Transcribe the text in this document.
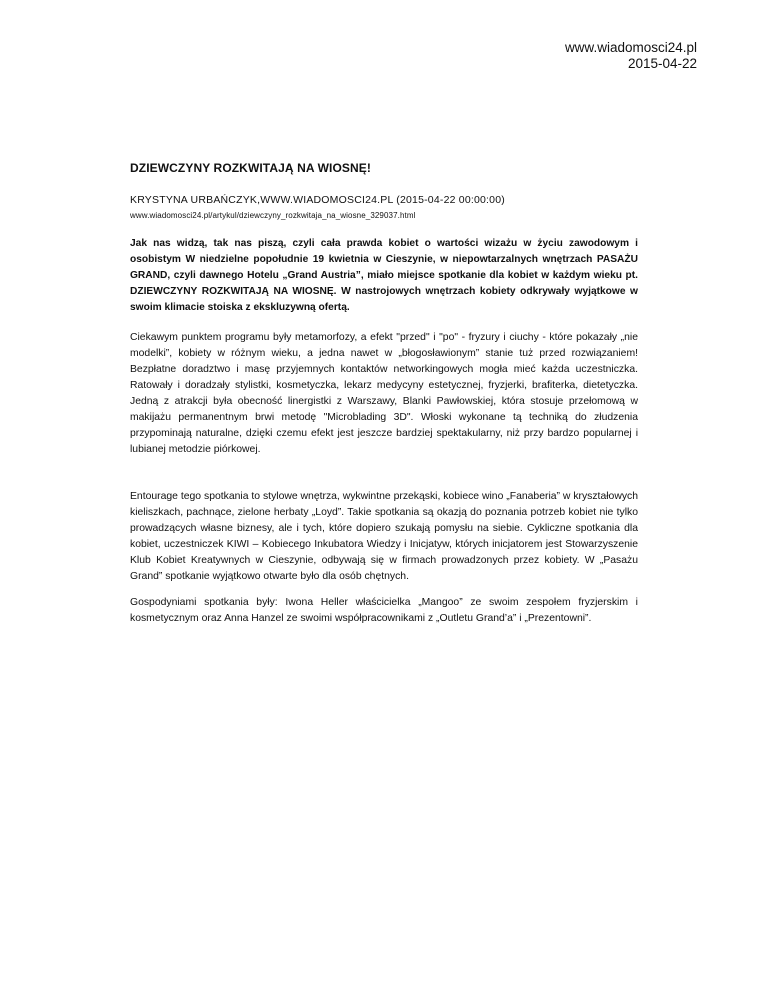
www.wiadomosci24.pl
2015-04-22
DZIEWCZYNY ROZKWITAJĄ NA WIOSNĘ!
KRYSTYNA URBAŃCZYK,WWW.WIADOMOSCI24.PL (2015-04-22 00:00:00)
www.wiadomosci24.pl/artykul/dziewczyny_rozkwitaja_na_wiosne_329037.html

Jak nas widzą, tak nas piszą, czyli cała prawda kobiet o wartości wizażu w życiu zawodowym i osobistym W niedzielne popołudnie 19 kwietnia w Cieszynie, w niepowtarzalnych wnętrzach PASAŻU GRAND, czyli dawnego Hotelu „Grand Austria”, miało miejsce spotkanie dla kobiet w każdym wieku pt. DZIEWCZYNY ROZKWITAJĄ NA WIOSNĘ. W nastrojowych wnętrzach kobiety odkrywały wyjątkowe w swoim klimacie stoiska z ekskluzywną ofertą.

Ciekawym punktem programu były metamorfozy, a efekt "przed" i "po" - fryzury i ciuchy - które pokazały „nie modelki”, kobiety w różnym wieku, a jedna nawet w „błogosławionym” stanie tuż przed rozwiązaniem! Bezpłatne doradztwo i masę przyjemnych kontaktów networkingowych mogła mieć każda uczestniczka. Ratowały i doradzały stylistki, kosmetyczka, lekarz medycyny estetycznej, fryzjerki, brafiterka, dietetyczka. Jedną z atrakcji była obecność linergistki z Warszawy, Blanki Pawłowskiej, która stosuje przełomową w makijażu permanentnym brwi metodę "Microblading 3D". Włoski wykonane tą techniką do złudzenia przypominają naturalne, dzięki czemu efekt jest jeszcze bardziej spektakularny, niż przy bardzo popularnej i lubianej metodzie piórkowej.

Entourage tego spotkania to stylowe wnętrza, wykwintne przekąski, kobiece wino „Fanaberia” w kryształowych kieliszkach, pachnące, zielone herbaty „Loyd”. Takie spotkania są okazją do poznania potrzeb kobiet nie tylko prowadzących własne biznesy, ale i tych, które dopiero szukają pomysłu na siebie. Cykliczne spotkania dla kobiet, uczestniczek KIWI – Kobiecego Inkubatora Wiedzy i Inicjatyw, których inicjatorem jest Stowarzyszenie Klub Kobiet Kreatywnych w Cieszynie, odbywają się w firmach prowadzonych przez kobiety. W „Pasażu Grand” spotkanie wyjątkowo otwarte było dla osób chętnych.

Gospodyniami spotkania były: Iwona Heller właścicielka „Mangoo” ze swoim zespołem fryzjerskim i kosmetycznym oraz Anna Hanzel ze swoimi współpracownikami z „Outletu Grand’a” i „Prezentowni”.
